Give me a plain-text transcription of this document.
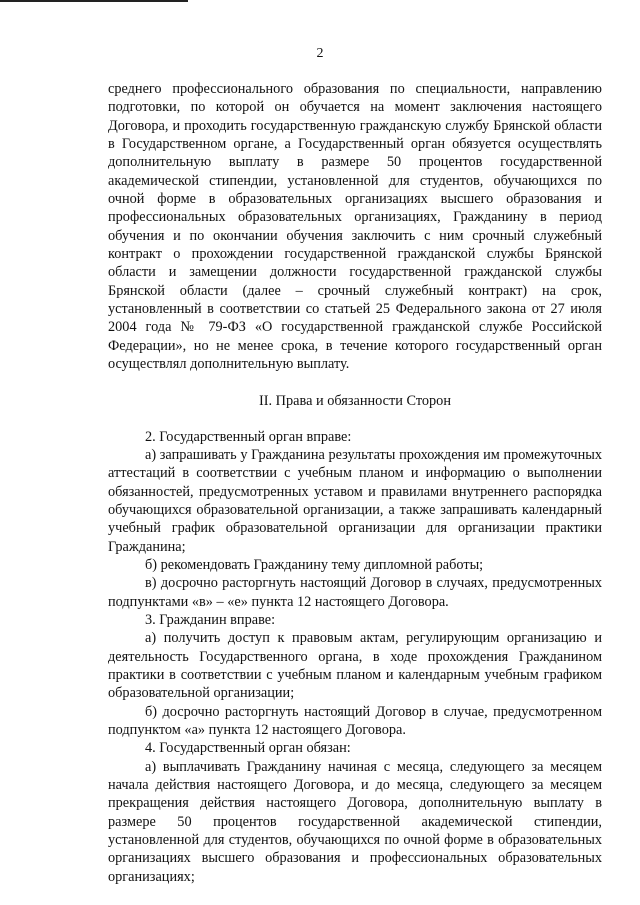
2

среднего профессионального образования по специальности, направлению подготовки, по которой он обучается на момент заключения настоящего Договора, и проходить государственную гражданскую службу Брянской области в Государственном органе, а Государственный орган обязуется осуществлять дополнительную выплату в размере 50 процентов государственной академической стипендии, установленной для студентов, обучающихся по очной форме в образовательных организациях высшего образования и профессиональных образовательных организациях, Гражданину в период обучения и по окончании обучения заключить с ним срочный служебный контракт о прохождении государственной гражданской службы Брянской области и замещении должности государственной гражданской службы Брянской области (далее – срочный служебный контракт) на срок, установленный в соответствии со статьей 25 Федерального закона от 27 июля 2004 года № 79-ФЗ «О государственной гражданской службе Российской Федерации», но не менее срока, в течение которого государственный орган осуществлял дополнительную выплату.

II. Права и обязанности Сторон

2. Государственный орган вправе:

а) запрашивать у Гражданина результаты прохождения им промежуточных аттестаций в соответствии с учебным планом и информацию о выполнении обязанностей, предусмотренных уставом и правилами внутреннего распорядка обучающихся образовательной организации, а также запрашивать календарный учебный график образовательной организации для организации практики Гражданина;

б) рекомендовать Гражданину тему дипломной работы;

в) досрочно расторгнуть настоящий Договор в случаях, предусмотренных подпунктами «в» – «е» пункта 12 настоящего Договора.

3. Гражданин вправе:

а) получить доступ к правовым актам, регулирующим организацию и деятельность Государственного органа, в ходе прохождения Гражданином практики в соответствии с учебным планом и календарным учебным графиком образовательной организации;

б) досрочно расторгнуть настоящий Договор в случае, предусмотренном подпунктом «а» пункта 12 настоящего Договора.

4. Государственный орган обязан:

а) выплачивать Гражданину начиная с месяца, следующего за месяцем начала действия настоящего Договора, и до месяца, следующего за месяцем прекращения действия настоящего Договора, дополнительную выплату в размере 50 процентов государственной академической стипендии, установленной для студентов, обучающихся по очной форме в образовательных организациях высшего образования и профессиональных образовательных организациях;
